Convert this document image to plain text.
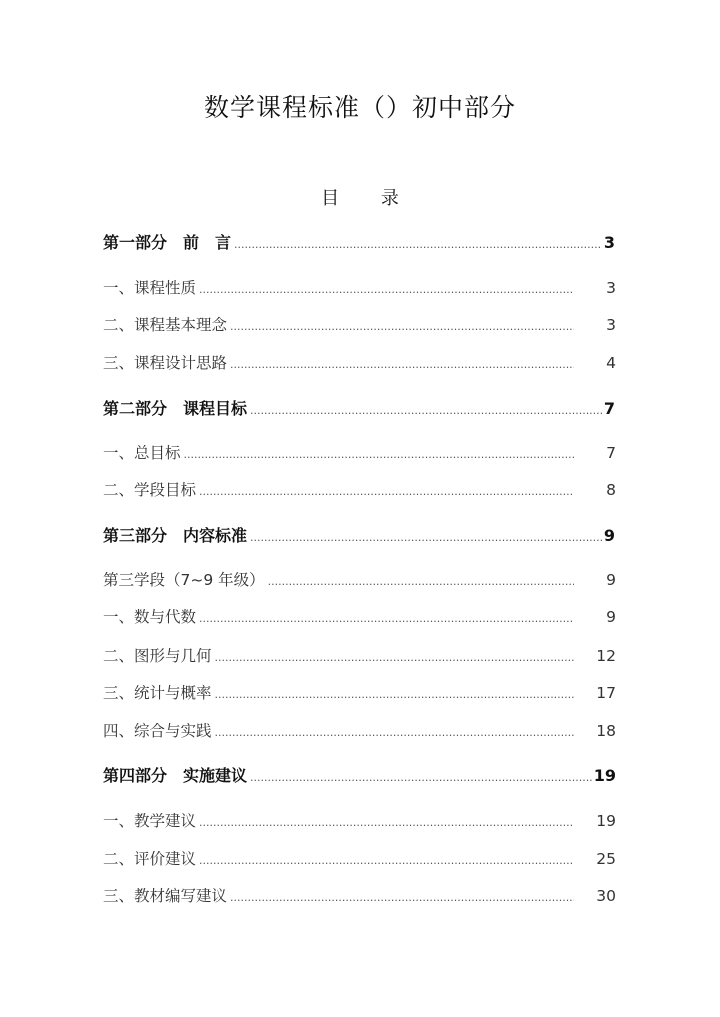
数学课程标准（）初中部分
目 录
第一部分　前　言 .....	3
一、课程性质 .....	3
二、课程基本理念 .....	3
三、课程设计思路 .....	4
第二部分　课程目标 .....	7
一、总目标 .....	7
二、学段目标 .....	8
第三部分　内容标准 .....	9
第三学段（7~9 年级） .....	9
一、数与代数 .....	9
二、图形与几何 .....	12
三、统计与概率 .....	17
四、综合与实践 .....	18
第四部分　实施建议 .....	19
一、教学建议 .....	19
二、评价建议 .....	25
三、教材编写建议 .....	30
